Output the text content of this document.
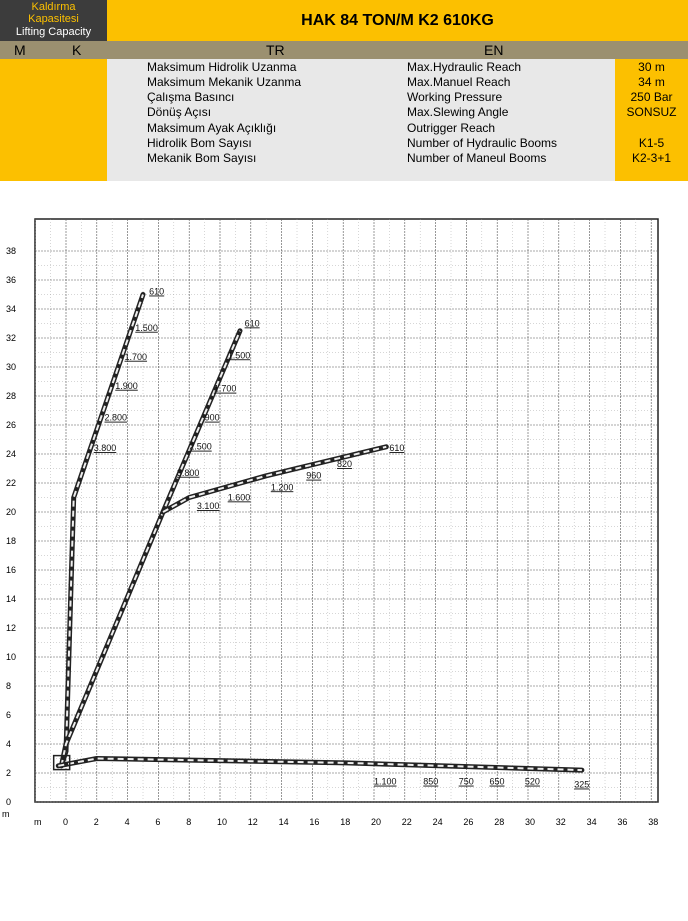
Kaldırma
Kapasitesi
Lifting Capacity
HAK 84 TON/M K2 610KG
M	K	TR	EN
Maksimum Hidrolik Uzanma	Max.Hydraulic Reach	30 m
Maksimum Mekanik Uzanma	Max.Manuel Reach	34 m
Çalışma Basıncı	Working Pressure	250 Bar
Dönüş Açısı	Max.Slewing Angle	SONSUZ
Maksimum Ayak Açıklığı	Outrigger Reach
Hidrolik Bom Sayısı	Number of Hydraulic Booms	K1-5
Mekanik Bom Sayısı	Number of Maneul Booms	K2-3+1
0
2
4
6
8
10
12
14
16
18
20
22
24
26
28
30
32
34
36
38
0	2	4	6	8	10 12 14 16 18 20 22 24 26 28 30 32 34 36 38
m
m
610
1.500
1.700
1.900
2.800
3.800
610
1.500
1.700
900
2.500
3.800
3.100
1.600
1.200
960
820
610
1.100	850 750 650 520	325
